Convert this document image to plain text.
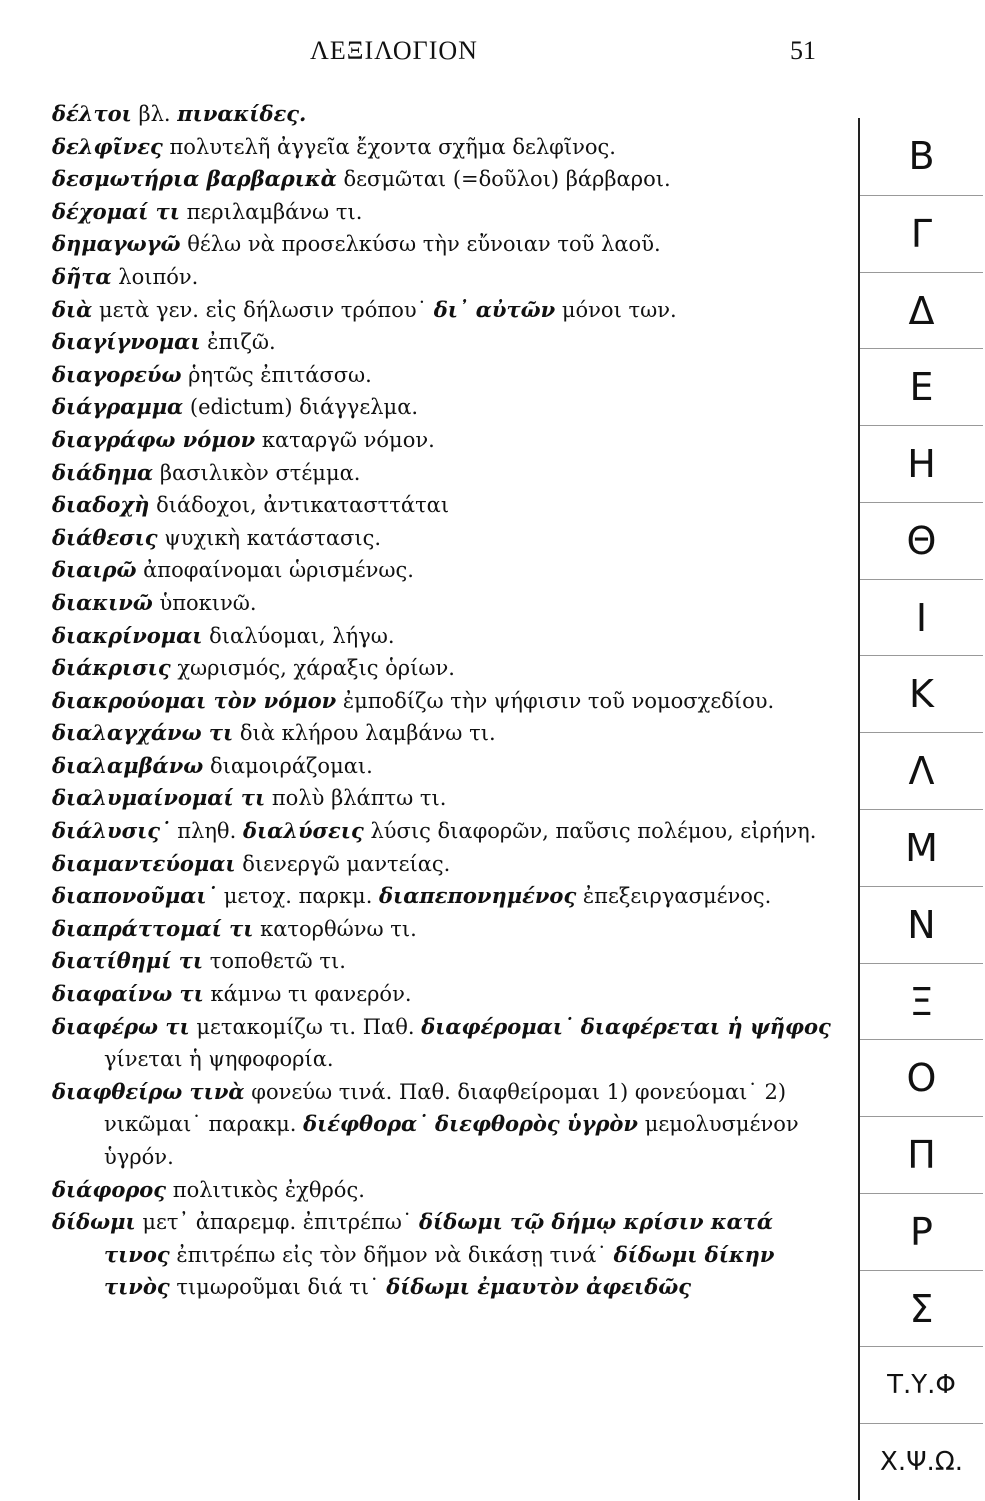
ΛΕΞΙΛΟΓΙΟΝ	51

δέλτοι βλ. πινακίδες.

δελφῖνες πολυτελῆ ἀγγεῖα ἔχοντα σχῆμα δελφῖνος.

δεσμωτήρια βαρβαρικὰ δεσμῶται (=δοῦλοι) βάρβαροι.

δέχομαί τι περιλαμβάνω τι.

δημαγωγῶ θέλω νὰ προσελκύσω τὴν εὔνοιαν τοῦ λαοῦ.

δῆτα λοιπόν.

διὰ μετὰ γεν. εἰς δήλωσιν τρόπου˙ δι᾽ αὐτῶν μόνοι των.

διαγίγνομαι ἐπιζῶ.

διαγορεύω ῥητῶς ἐπιτάσσω.

διάγραμμα (edictum) διάγγελμα.

διαγράφω νόμον καταργῶ νόμον.

διάδημα βασιλικὸν στέμμα.

διαδοχὴ διάδοχοι, ἀντικατασττάται

διάθεσις ψυχικὴ κατάστασις.

διαιρῶ ἀποφαίνομαι ὡρισμένως.

διακινῶ ὑποκινῶ.

διακρίνομαι διαλύομαι, λήγω.

διάκρισις χωρισμός, χάραξις ὁρίων.

διακρούομαι τὸν νόμον ἐμποδίζω τὴν ψήφισιν τοῦ νομοσχεδίου.

διαλαγχάνω τι διὰ κλήρου λαμβάνω τι.

διαλαμβάνω διαμοιράζομαι.

διαλυμαίνομαί τι πολὺ βλάπτω τι.

διάλυσις˙ πληθ. διαλύσεις λύσις διαφορῶν, παῦσις πολέμου, εἰρήνη.

διαμαντεύομαι διενεργῶ μαντείας.

διαπονοῦμαι˙ μετοχ. παρκμ. διαπεπονημένος ἐπεξειργασμένος.

διαπράττομαί τι κατορθώνω τι.

διατίθημί τι τοποθετῶ τι.

διαφαίνω τι κάμνω τι φανερόν.

διαφέρω τι μετακομίζω τι. Παθ. διαφέρομαι˙ διαφέρεται ἡ ψῆφος γίνεται ἡ ψηφοφορία.

διαφθείρω τινὰ φονεύω τινά. Παθ. διαφθείρομαι 1) φονεύομαι˙ 2) νικῶμαι˙ παρακμ. διέφθορα˙ διεφθορὸς ὑγρὸν μεμολυσμένον ὑγρόν.

διάφορος πολιτικὸς ἐχθρός.

δίδωμι μετ᾽ ἀπαρεμφ. ἐπιτρέπω˙ δίδωμι τῷ δήμῳ κρίσιν κατά τινος ἐπιτρέπω εἰς τὸν δῆμον νὰ δικάσῃ τινά˙ δίδωμι δίκην τινὸς τιμωροῦμαι διά τι˙ δίδωμι ἐμαυτὸν ἀφειδῶς

Β
Γ
Δ
Ε
Η
Θ
Ι
Κ
Λ
Μ
Ν
Ξ
Ο
Π
Ρ
Σ
Τ.Υ.Φ
Χ.Ψ.Ω.
